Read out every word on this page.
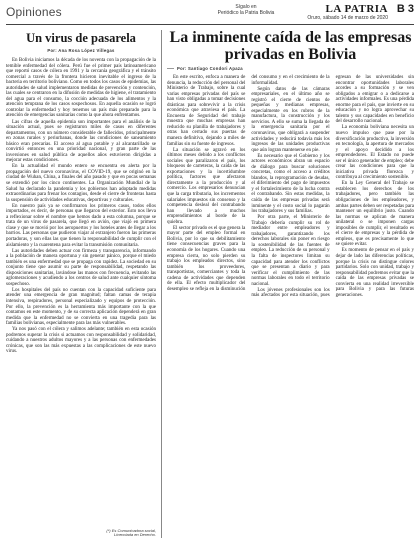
Opiniones	Sígalo en
Periódico la Patria Bolivia	LA PATRIA B 3
Oruro, sábado 14 de marzo de 2020
Un virus de pasarela
Por: Ana Rosa López Villegas

En Bolivia iniciamos la década de los noventa con la propagación de la temible enfermedad del cólera. Perú fue el primer país latinoamericano que reportó casos de cólera en 1991 y la cercanía geográfica y el tránsito comercial a través de la frontera hicieron inevitable el ingreso de la bacteria en territorio boliviano. Como en todos los casos de epidemias, las autoridades de salud implementaron medidas de prevención y contención, las cuales se centraron en la difusión de medidas de higiene, el tratamiento del agua para el consumo, la cocción adecuada de los alimentos y la atención temprana de los casos sospechosos. En aquella ocasión se logró controlar la enfermedad y hoy tenemos un país más preparado para la atención de emergencias sanitarias como la que ahora enfrentamos.

Las cifras de aquella epidemia son importantes para el análisis de la situación actual, pues se registraron miles de casos en diferentes departamentos, con un número considerable de fallecidos, principalmente en zonas rurales y periurbanas, donde las condiciones de saneamiento básico eran precarias. El acceso al agua potable y al alcantarillado se convirtió entonces en una prioridad nacional, y gran parte de las inversiones en salud pública de aquellos años estuvieron dirigidas a mejorar estas condiciones.

En la actualidad el mundo entero se encuentra en alerta por la propagación del nuevo coronavirus, el COVID-19, que se originó en la ciudad de Wuhan, China, a finales del año pasado y que en pocas semanas se extendió por los cinco continentes. La Organización Mundial de la Salud ha declarado la pandemia y los gobiernos han adoptado medidas extraordinarias para frenar los contagios, desde el cierre de fronteras hasta la suspensión de actividades educativas, deportivas y culturales.

En nuestro país ya se confirmaron los primeros casos, todos ellos importados, es decir, de personas que llegaron del exterior. Esto nos lleva a reflexionar sobre el nombre que hemos dado a esta columna, porque se trata de un virus de pasarela, que llegó en avión, que viajó en primera clase y que se movió por los aeropuertos y los hoteles antes de llegar a los barrios. Las personas que pudieron viajar al extranjero fueron las primeras portadoras, y son ellas las que tienen la responsabilidad de cumplir con el aislamiento y la cuarentena para evitar la transmisión comunitaria.

Las autoridades deben actuar con firmeza y transparencia, informando a la población de manera oportuna y sin generar pánico, porque el miedo también es una enfermedad que se propaga con rapidez. La sociedad en su conjunto tiene que asumir su parte de responsabilidad, respetando las disposiciones sanitarias, lavándose las manos con frecuencia, evitando las aglomeraciones y acudiendo a los centros de salud ante cualquier síntoma sospechoso.

Los hospitales del país no cuentan con la capacidad suficiente para atender una emergencia de gran magnitud; faltan camas de terapia intensiva, respiradores, personal especializado y equipos de protección. Por ello, la prevención es la herramienta más importante con la que contamos en este momento, y de su correcta aplicación dependerá en gran medida que la enfermedad no se convierta en una tragedia para las familias bolivianas, especialmente para las más vulnerables.

Ya nos pasó con el cólera y salimos adelante; también en esta ocasión podremos superar la crisis si actuamos con responsabilidad y solidaridad, cuidando a nuestros adultos mayores y a las personas con enfermedades crónicas, que son las más expuestas a las complicaciones de este nuevo virus.

(*) Es Comunicadora social,
Licenciada en Derecho.
La inminente caída de las empresas privadas en Bolivia
Por: Santiago Condori Apaza

En este escrito, enfoca a manera de denuncia, la reducción del personal del Ministerio de Trabajo, sobre la cual varias empresas privadas del país se han visto obligadas a tomar decisiones drásticas para sobrevivir a la crisis económica que atraviesa el país. La Encuesta de Seguridad del trabajo muestra que muchas empresas han reducido su planilla de trabajadores y otras han cerrado sus puertas de manera definitiva, dejando a miles de familias sin su fuente de ingresos.

La situación se agravó en los últimos meses debido a los conflictos sociales que paralizaron el país, los bloqueos de carreteras, la caída de las exportaciones y la incertidumbre política, factores que afectaron directamente a la producción y al comercio. Los empresarios denuncian que la carga tributaria, los incrementos salariales impuestos sin consenso y la competencia desleal del contrabando han llevado a muchos emprendimientos al borde de la quiebra.

El sector privado es el que genera la mayor parte del empleo formal en Bolivia, por lo que su debilitamiento tiene consecuencias graves para la economía de los hogares. Cuando una empresa cierra, no solo pierden su trabajo los empleados directos, sino también los proveedores, transportistas, comerciantes y toda la cadena de actividades que dependen de ella. El efecto multiplicador del desempleo se refleja en la disminución del consumo y en el crecimiento de la informalidad.

Según datos de las cámaras empresariales, en el último año se registró el cierre de cientos de pequeñas y medianas empresas, especialmente en los rubros de la manufactura, la construcción y los servicios. A ello se suma la llegada de la emergencia sanitaria por el coronavirus, que obligará a suspender actividades y reducirá todavía más los ingresos de las unidades productivas que aún logran mantenerse en pie.

Es necesario que el Gobierno y los actores económicos abran un espacio de diálogo para buscar soluciones concretas, como el acceso a créditos blandos, la reprogramación de deudas, el diferimiento del pago de impuestos y el fortalecimiento de la lucha contra el contrabando. Sin estas medidas, la caída de las empresas privadas será inminente y el costo social lo pagarán los trabajadores y sus familias.

Por otra parte, el Ministerio de Trabajo debería cumplir su rol de mediador entre empleadores y trabajadores, garantizando los derechos laborales sin poner en riesgo la sostenibilidad de las fuentes de empleo. La reducción de su personal y la falta de inspectores limitan su capacidad para atender los conflictos que se presentan a diario y para verificar el cumplimiento de las normas laborales en todo el territorio nacional.

Los jóvenes profesionales son los más afectados por esta situación, pues egresan de las universidades sin encontrar oportunidades laborales acordes a su formación y se ven obligados a emigrar o a dedicarse a actividades informales. Es una pérdida enorme para el país, que invierte en su educación y no logra aprovechar su talento y sus capacidades en beneficio del desarrollo nacional.

La economía boliviana necesita un nuevo impulso que pase por la diversificación productiva, la inversión en tecnología, la apertura de mercados y el apoyo decidido a los emprendedores. El Estado no puede ser el único generador de empleo; debe crear las condiciones para que la iniciativa privada florezca y contribuya al crecimiento sostenible.

En la Ley General del Trabajo se establecen los derechos de los trabajadores, pero también las obligaciones de los empleadores, y ambas partes deben ser respetadas para mantener un equilibrio justo. Cuando las normas se aplican de manera unilateral o se imponen cargas imposibles de cumplir, el resultado es el cierre de empresas y la pérdida de empleos, que es precisamente lo que se quiere evitar.

Es momento de pensar en el país y dejar de lado las diferencias políticas, porque la crisis no distingue colores partidarios. Solo con unidad, trabajo y responsabilidad podremos evitar que la caída de las empresas privadas se convierta en una realidad irreversible para Bolivia y para las futuras generaciones.
